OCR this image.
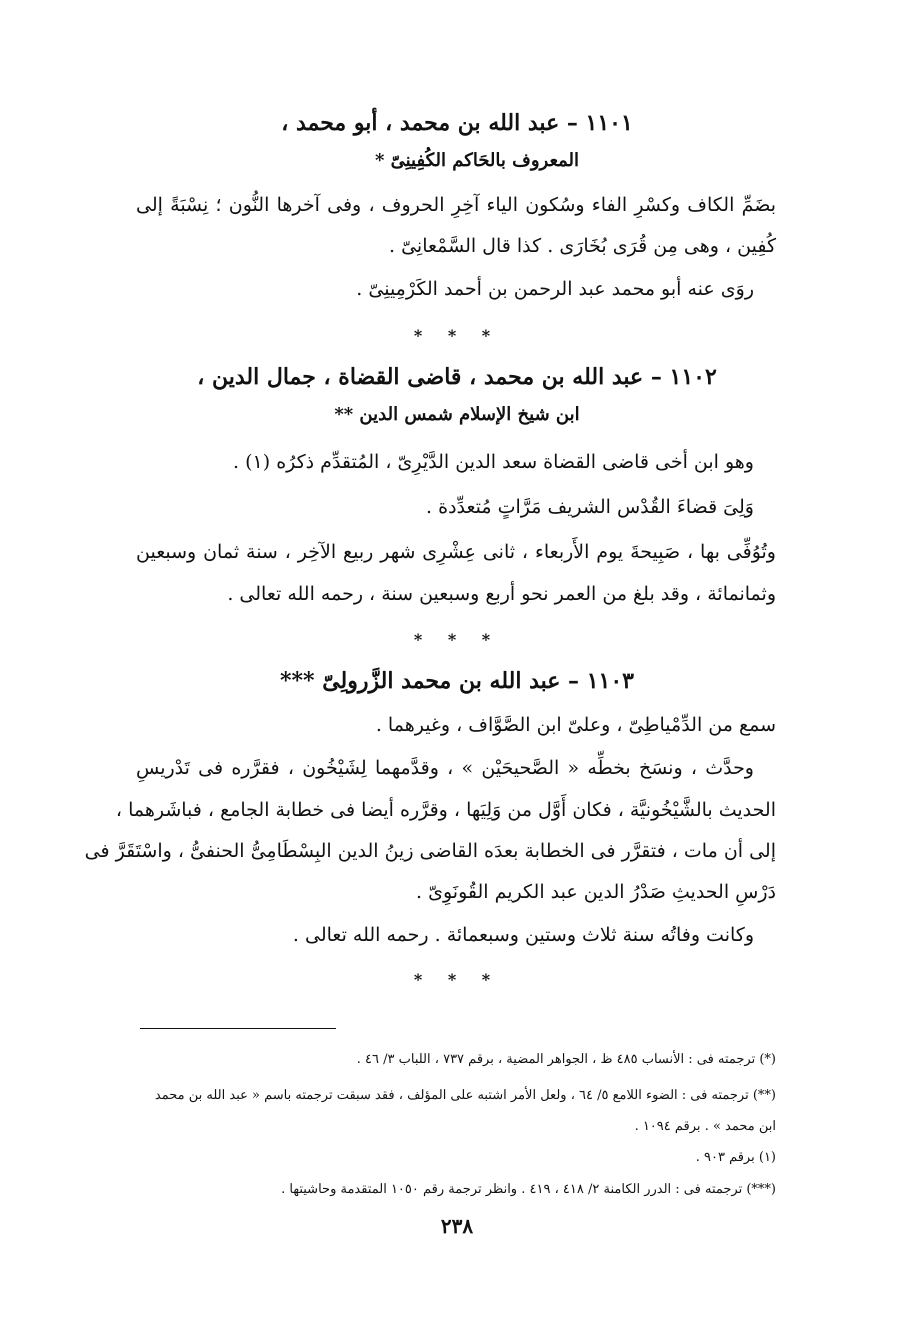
١١٠١ – عبد الله بن محمد ، أبو محمد ،
المعروف بالحَاكم الكُفِينِىّ *
بضَمِّ الكاف وكسْرِ الفاء وسُكون الياء آخِرِ الحروف ، وفى آخرها النُّون ؛ نِسْبَةً إلى
كُفِين ، وهى مِن قُرَى بُخَارَى . كذا قال السَّمْعانِىّ .
روَى عنه أبو محمد عبد الرحمن بن أحمد الكَرْمِينِىّ .
* * *
١١٠٢ – عبد الله بن محمد ، قاضى القضاة ، جمال الدين ،
ابن شيخ الإسلام شمس الدين **
وهو ابن أخى قاضى القضاة سعد الدين الدَّيْرِىّ ، المُتقدِّم ذكرُه (١) .
وَلِىَ قضاءَ القُدْس الشريف مَرَّاتٍ مُتعدِّدة .
وتُوُفِّى بها ، صَبِيحةَ يوم الأَربعاء ، ثانى عِشْرِى شهر ربيع الآخِر ، سنة ثمان وسبعين
وثمانمائة ، وقد بلغ من العمر نحو أربع وسبعين سنة ، رحمه الله تعالى .
* * *
١١٠٣ – عبد الله بن محمد الزَّرولِىّ ***
سمع من الدِّمْياطِىّ ، وعلىّ ابن الصَّوَّاف ، وغيرهما .
وحدَّث ، ونسَخ بخطِّه « الصَّحيحَيْن » ، وقدَّمهما لِشَيْخُون ، فقرَّره فى تَدْريسِ
الحديث بالشَّيْخُونيَّة ، فكان أَوَّل من وَلِيَها ، وقرَّره أيضا فى خطابة الجامع ، فباشَرهما ،
إلى أن مات ، فتقرَّر فى الخطابة بعدَه القاضى زينُ الدين البِسْطَامِىُّ الحنفىُّ ، واسْتَقَرَّ فى
دَرْسِ الحديثِ صَدْرُ الدين عبد الكريم القُونَوِىّ .
وكانت وفاتُه سنة ثلاث وستين وسبعمائة . رحمه الله تعالى .
* * *
(*) ترجمته فى : الأنساب ٤٨٥ ظ ، الجواهر المضية ، برقم ٧٣٧ ، اللباب ٣/ ٤٦ .
(**) ترجمته فى : الضوء اللامع ٥/ ٦٤ ، ولعل الأمر اشتبه على المؤلف ، فقد سبقت ترجمته باسم « عبد الله بن محمد
ابن محمد » . برقم ١٠٩٤ .
(١) برقم ٩٠٣ .
(***) ترجمته فى : الدرر الكامنة ٢/ ٤١٨ ، ٤١٩ . وانظر ترجمة رقم ١٠٥٠ المتقدمة وحاشيتها .
٢٣٨
